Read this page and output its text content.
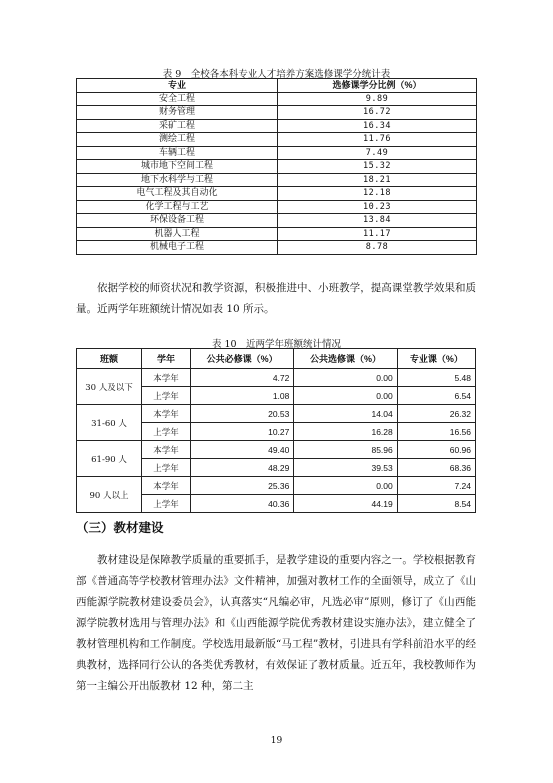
表 9　全校各本科专业人才培养方案选修课学分统计表
专业	选修课学分比例（%）
安全工程	9.89
财务管理	16.72
采矿工程	16.34
测绘工程	11.76
车辆工程	7.49
城市地下空间工程	15.32
地下水科学与工程	18.21
电气工程及其自动化	12.18
化学工程与工艺	10.23
环保设备工程	13.84
机器人工程	11.17
机械电子工程	8.78
依据学校的师资状况和教学资源，积极推进中、小班教学，提高课堂教学效果和质量。近两学年班额统计情况如表 10 所示。
表 10　近两学年班额统计情况
班额	学年	公共必修课（%）	公共选修课（%）	专业课（%）
30 人及以下	本学年	4.72	0.00	5.48
	上学年	1.08	0.00	6.54
31-60 人	本学年	20.53	14.04	26.32
	上学年	10.27	16.28	16.56
61-90 人	本学年	49.40	85.96	60.96
	上学年	48.29	39.53	68.36
90 人以上	本学年	25.36	0.00	7.24
	上学年	40.36	44.19	8.54
（三）教材建设
教材建设是保障教学质量的重要抓手，是教学建设的重要内容之一。学校根据教育部《普通高等学校教材管理办法》文件精神，加强对教材工作的全面领导，成立了《山西能源学院教材建设委员会》，认真落实“凡编必审，凡选必审”原则，修订了《山西能源学院教材选用与管理办法》和《山西能源学院优秀教材建设实施办法》，建立健全了教材管理机构和工作制度。学校选用最新版“马工程”教材，引进具有学科前沿水平的经典教材，选择同行公认的各类优秀教材，有效保证了教材质量。近五年，我校教师作为第一主编公开出版教材 12 种，第二主
19
